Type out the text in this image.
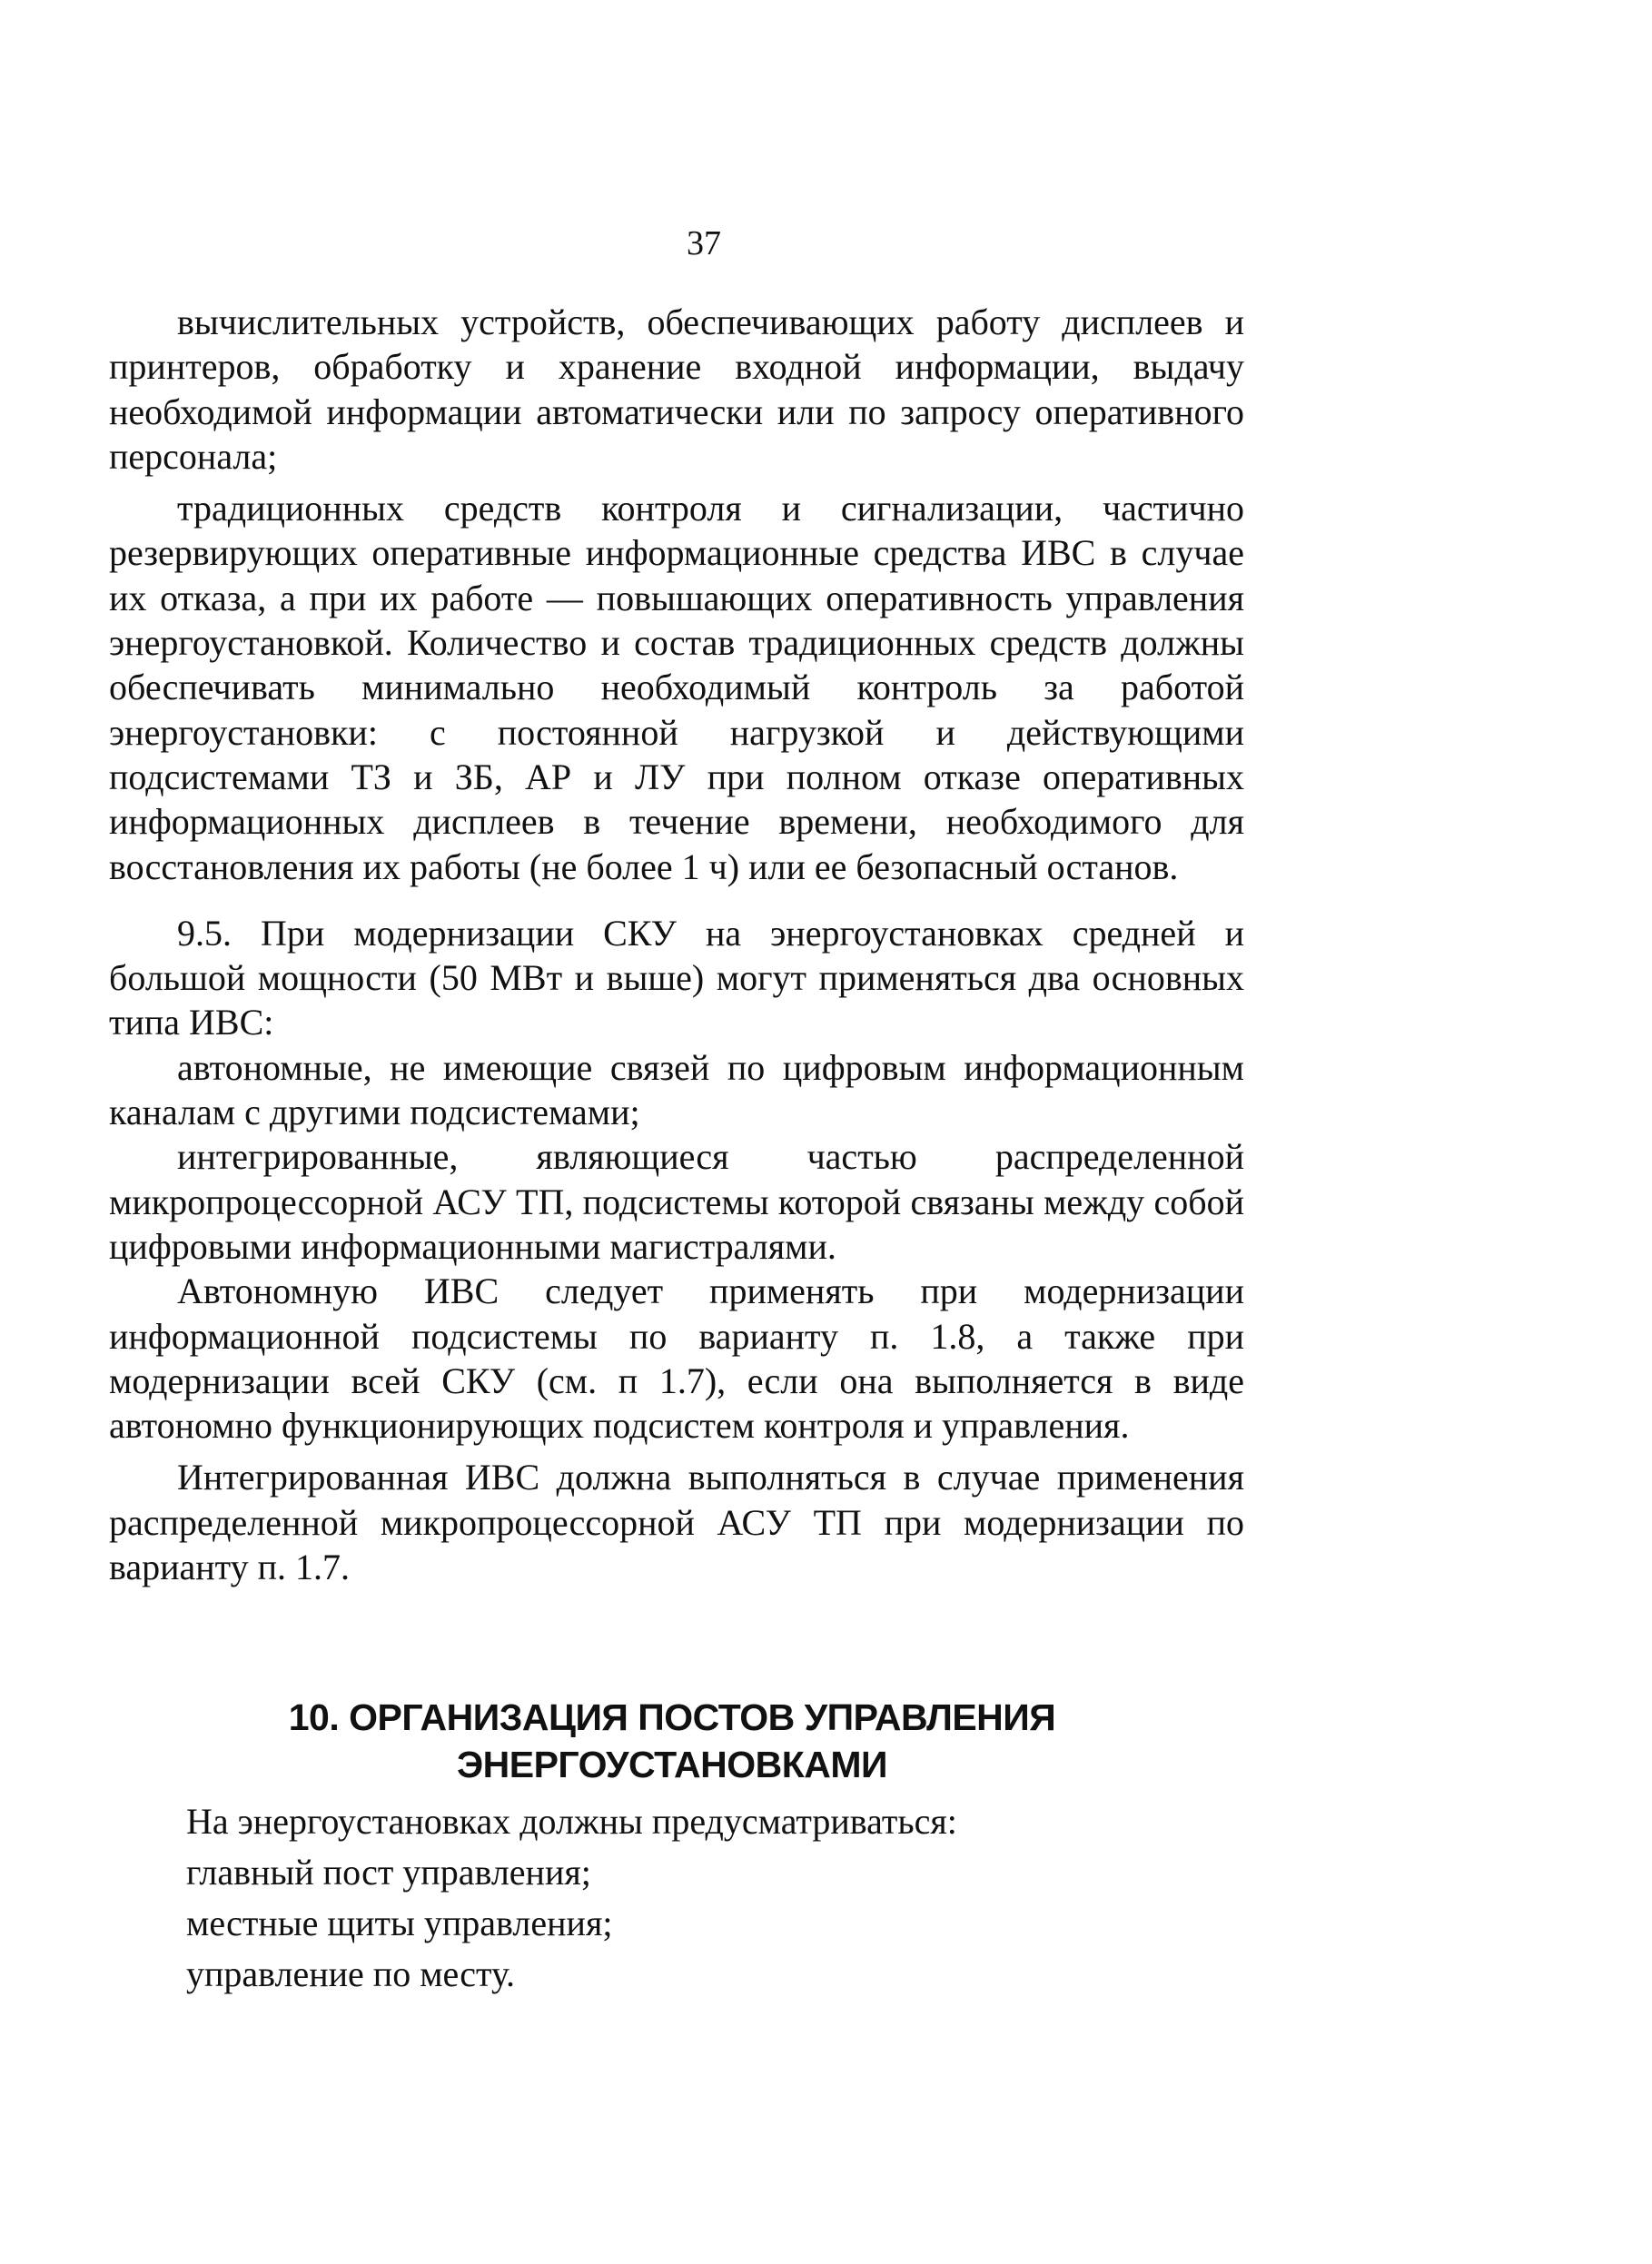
37

вычислительных устройств, обеспечивающих работу дисплеев и принтеров, обработку и хранение входной информации, выдачу необходимой информации автоматически или по запросу оперативного персонала;

традиционных средств контроля и сигнализации, частично резервирующих оперативные информационные средства ИВС в случае их отказа, а при их работе — повышающих оперативность управления энергоустановкой. Количество и состав традиционных средств должны обеспечивать минимально необходимый контроль за работой энергоустановки: с постоянной нагрузкой и действующими подсистемами ТЗ и ЗБ, АР и ЛУ при полном отказе оперативных информационных дисплеев в течение времени, необходимого для восстановления их работы (не более 1 ч) или ее безопасный останов.

9.5. При модернизации СКУ на энергоустановках средней и большой мощности (50 МВт и выше) могут применяться два основных типа ИВС:

автономные, не имеющие связей по цифровым информационным каналам с другими подсистемами;

интегрированные, являющиеся частью распределенной микропроцессорной АСУ ТП, подсистемы которой связаны между собой цифровыми информационными магистралями.

Автономную ИВС следует применять при модернизации информационной подсистемы по варианту п. 1.8, а также при модернизации всей СКУ (см. п 1.7), если она выполняется в виде автономно функционирующих подсистем контроля и управления.

Интегрированная ИВС должна выполняться в случае применения распределенной микропроцессорной АСУ ТП при модернизации по варианту п. 1.7.

10. ОРГАНИЗАЦИЯ ПОСТОВ УПРАВЛЕНИЯ
ЭНЕРГОУСТАНОВКАМИ
На энергоустановках должны предусматриваться:
главный пост управления;
местные щиты управления;
управление по месту.
